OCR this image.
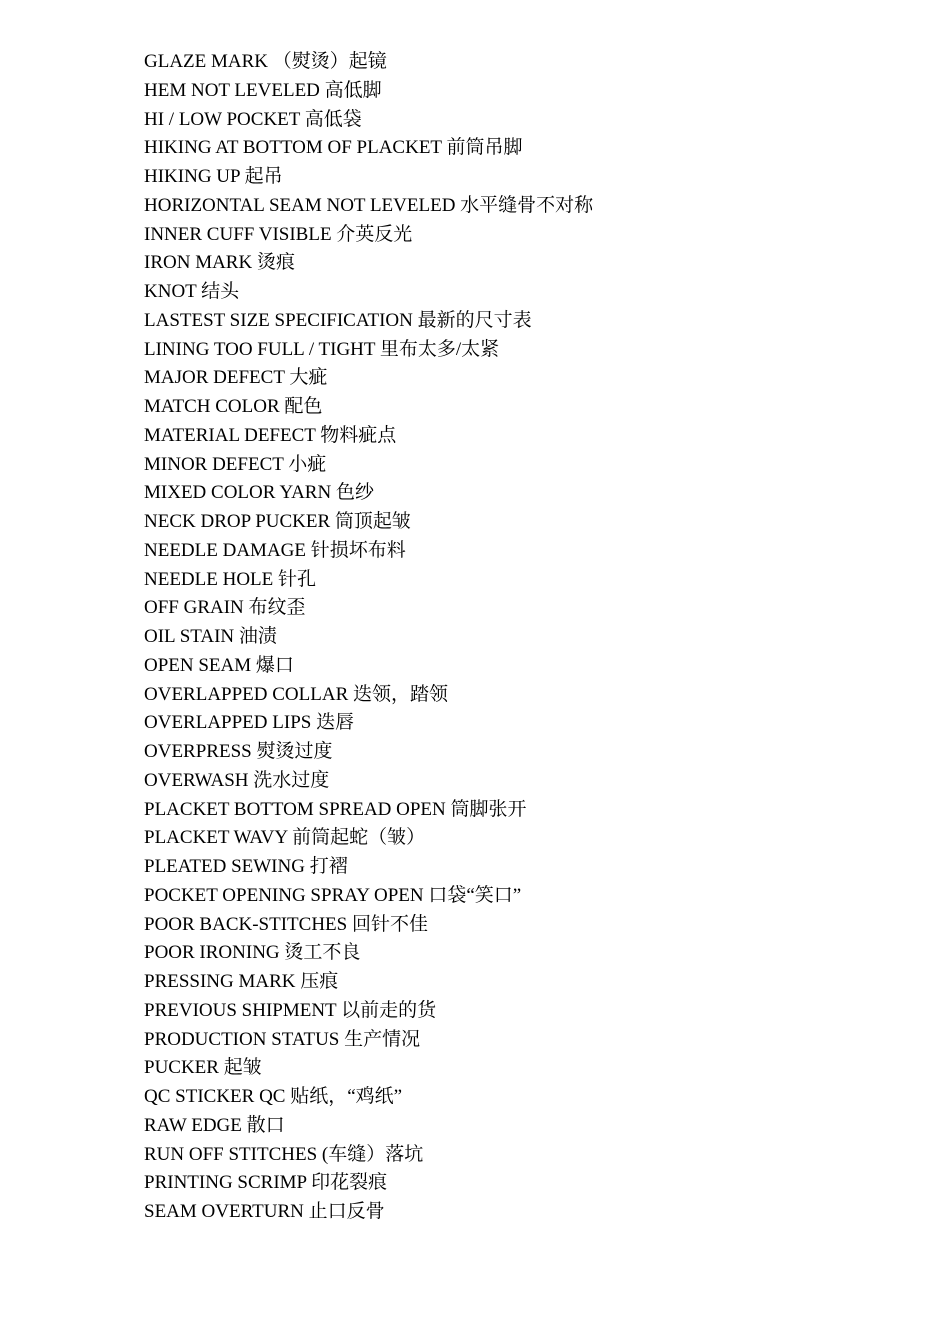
GLAZE MARK （熨烫）起镜
HEM NOT LEVELED 高低脚
HI / LOW POCKET 高低袋
HIKING AT BOTTOM OF PLACKET 前筒吊脚
HIKING UP 起吊
HORIZONTAL SEAM NOT LEVELED 水平缝骨不对称
INNER CUFF VISIBLE 介英反光
IRON MARK 烫痕
KNOT 结头
LASTEST SIZE SPECIFICATION 最新的尺寸表
LINING TOO FULL / TIGHT 里布太多/太紧
MAJOR DEFECT 大疵
MATCH COLOR 配色
MATERIAL DEFECT 物料疵点
MINOR DEFECT 小疵
MIXED COLOR YARN 色纱
NECK DROP PUCKER 筒顶起皱
NEEDLE DAMAGE 针损坏布料
NEEDLE HOLE 针孔
OFF GRAIN 布纹歪
OIL STAIN 油渍
OPEN SEAM 爆口
OVERLAPPED COLLAR 迭领，踏领
OVERLAPPED LIPS 迭唇
OVERPRESS 熨烫过度
OVERWASH 洗水过度
PLACKET BOTTOM SPREAD OPEN 筒脚张开
PLACKET WAVY 前筒起蛇（皱）
PLEATED SEWING 打褶
POCKET OPENING SPRAY OPEN 口袋“笑口”
POOR BACK-STITCHES 回针不佳
POOR IRONING 烫工不良
PRESSING MARK 压痕
PREVIOUS SHIPMENT 以前走的货
PRODUCTION STATUS 生产情况
PUCKER 起皱
QC STICKER QC 贴纸，“鸡纸”
RAW EDGE 散口
RUN OFF STITCHES (车缝）落坑
PRINTING SCRIMP 印花裂痕
SEAM OVERTURN 止口反骨
